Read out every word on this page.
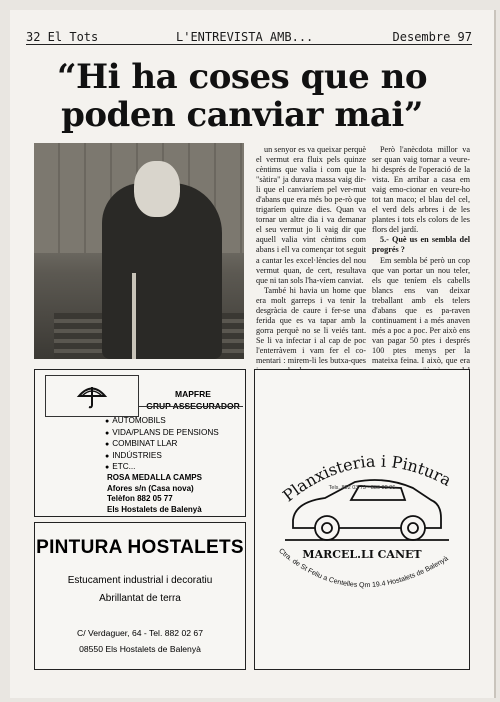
32 El Tots	L'ENTREVISTA AMB...	Desembre 97
“Hi ha coses que no
poden canviar mai”

un senyor es va queixar perquè el vermut era fluix pels quinze cèntims que valia i com que la "sàtira" ja durava massa vaig dir-li que el canviaríem pel ver-mut d'abans que era més bo pe-rò que trigaríem quinze dies. Quan va tornar un altre dia i va demanar el seu vermut jo li vaig dir que aquell valia vint cèntims com abans i ell va començar tot seguit a cantar les excel·lències del nou vermut quan, de cert, resultava que ni tan sols l'ha-víem canviat.

També hi havia un home que era molt garreps i va tenir la desgràcia de caure i fer-se una ferida que es va tapar amb la gorra perquè no se li veiés tant. Se li va infectar i al cap de poc l'enterràvem i vam fer el co-mentari : mirem-li les butxa-ques

Però l'anècdota millor va ser quan vaig tornar a veure-hi després de l'operació de la vista. En arribar a casa em vaig emo-cionar en veure-ho tot tan maco; el blau del cel, el verd dels arbres i de les plantes i tots els colors de les flors del jardí.

5.- Què us en sembla del progrés ?

Em sembla bé però un cop que van portar un nou teler, els que teníem els cabells blancs ens van deixar treballant amb els telers d'abans que es pa-raven continuament i a més anaven més a poc a poc. Per això ens van pagar 50 ptes i després 100 ptes menys per la mateixa feina. I això, que era

MAPFRE
GRUP ASSEGURADOR
● AUTOMOBILS
● VIDA/PLANS DE PENSIONS
● COMBINAT LLAR
● INDÚSTRIES
● ETC...
ROSA MEDALLA CAMPS
Afores s/n (Casa nova)
Telèfon 882 05 77
Els Hostalets de Balenyà
PINTURA HOSTALETS
Estucament industrial i decoratiu
Abrillantat de terra
C/ Verdaguer, 64 - Tel. 882 02 67
08550 Els Hostalets de Balenyà
Planxisteria i Pintura
MARCEL.LI CANET
Tels. 882 03 73 · 889 82 96
Ctra. de St Feliu a Centelles Qm 19.4 Hostalets de Balenyà
